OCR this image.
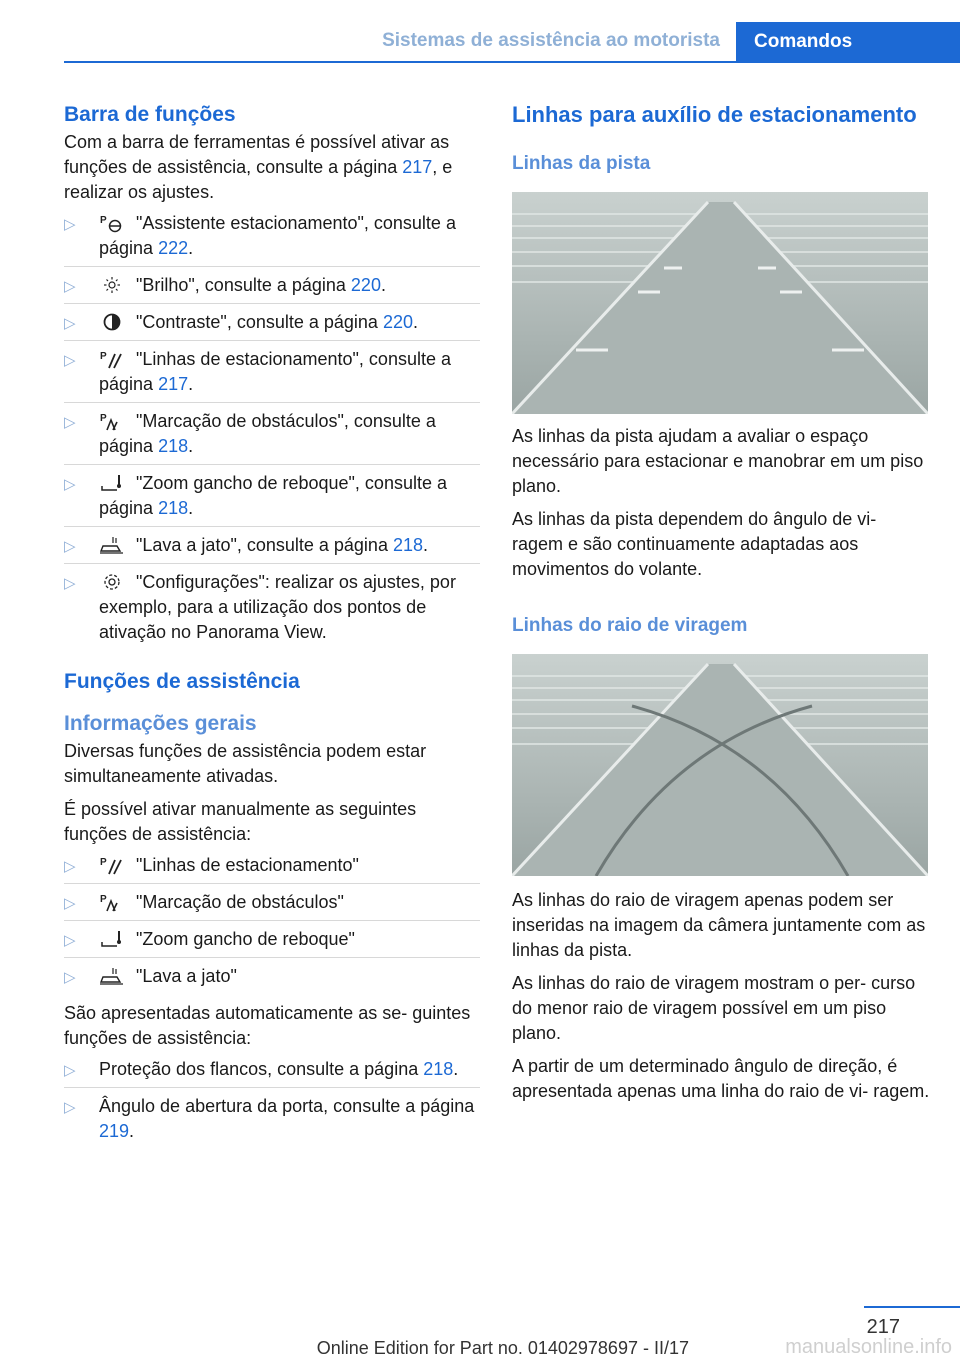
Sistemas de assistência ao motorista	Comandos
Barra de funções

Com a barra de ferramentas é possível ativar as funções de assistência, consulte a página 217, e realizar os ajustes.

▷ P "Assistente estacionamento", consulte a página 222.
▷	"Brilho", consulte a página 220.
▷	"Contraste", consulte a página 220.
▷ P "Linhas de estacionamento", consulte a página 217.
▷ P "Marcação de obstáculos", consulte a página 218.
▷	"Zoom gancho de reboque", consulte a página 218.
▷	"Lava a jato", consulte a página 218.
▷	"Configurações": realizar os ajustes, por exemplo, para a utilização dos pontos de ativação no Panorama View.
Funções de assistência
Informações gerais

Diversas funções de assistência podem estar simultaneamente ativadas.

É possível ativar manualmente as seguintes funções de assistência:

▷ P "Linhas de estacionamento"
▷ P "Marcação de obstáculos"
▷	"Zoom gancho de reboque"
▷	"Lava a jato"

São apresentadas automaticamente as se‐ guintes funções de assistência:

▷ Proteção dos flancos, consulte a página 218.
▷ Ângulo de abertura da porta, consulte a página 219.
Linhas para auxílio de estacionamento
Linhas da pista

As linhas da pista ajudam a avaliar o espaço necessário para estacionar e manobrar em um piso plano.

As linhas da pista dependem do ângulo de vi‐ ragem e são continuamente adaptadas aos movimentos do volante.

Linhas do raio de viragem

As linhas do raio de viragem apenas podem ser inseridas na imagem da câmera juntamente com as linhas da pista.

As linhas do raio de viragem mostram o per‐ curso do menor raio de viragem possível em um piso plano.

A partir de um determinado ângulo de direção, é apresentada apenas uma linha do raio de vi‐ ragem.

217
Online Edition for Part no. 01402978697 - II/17	manualsonline.info
